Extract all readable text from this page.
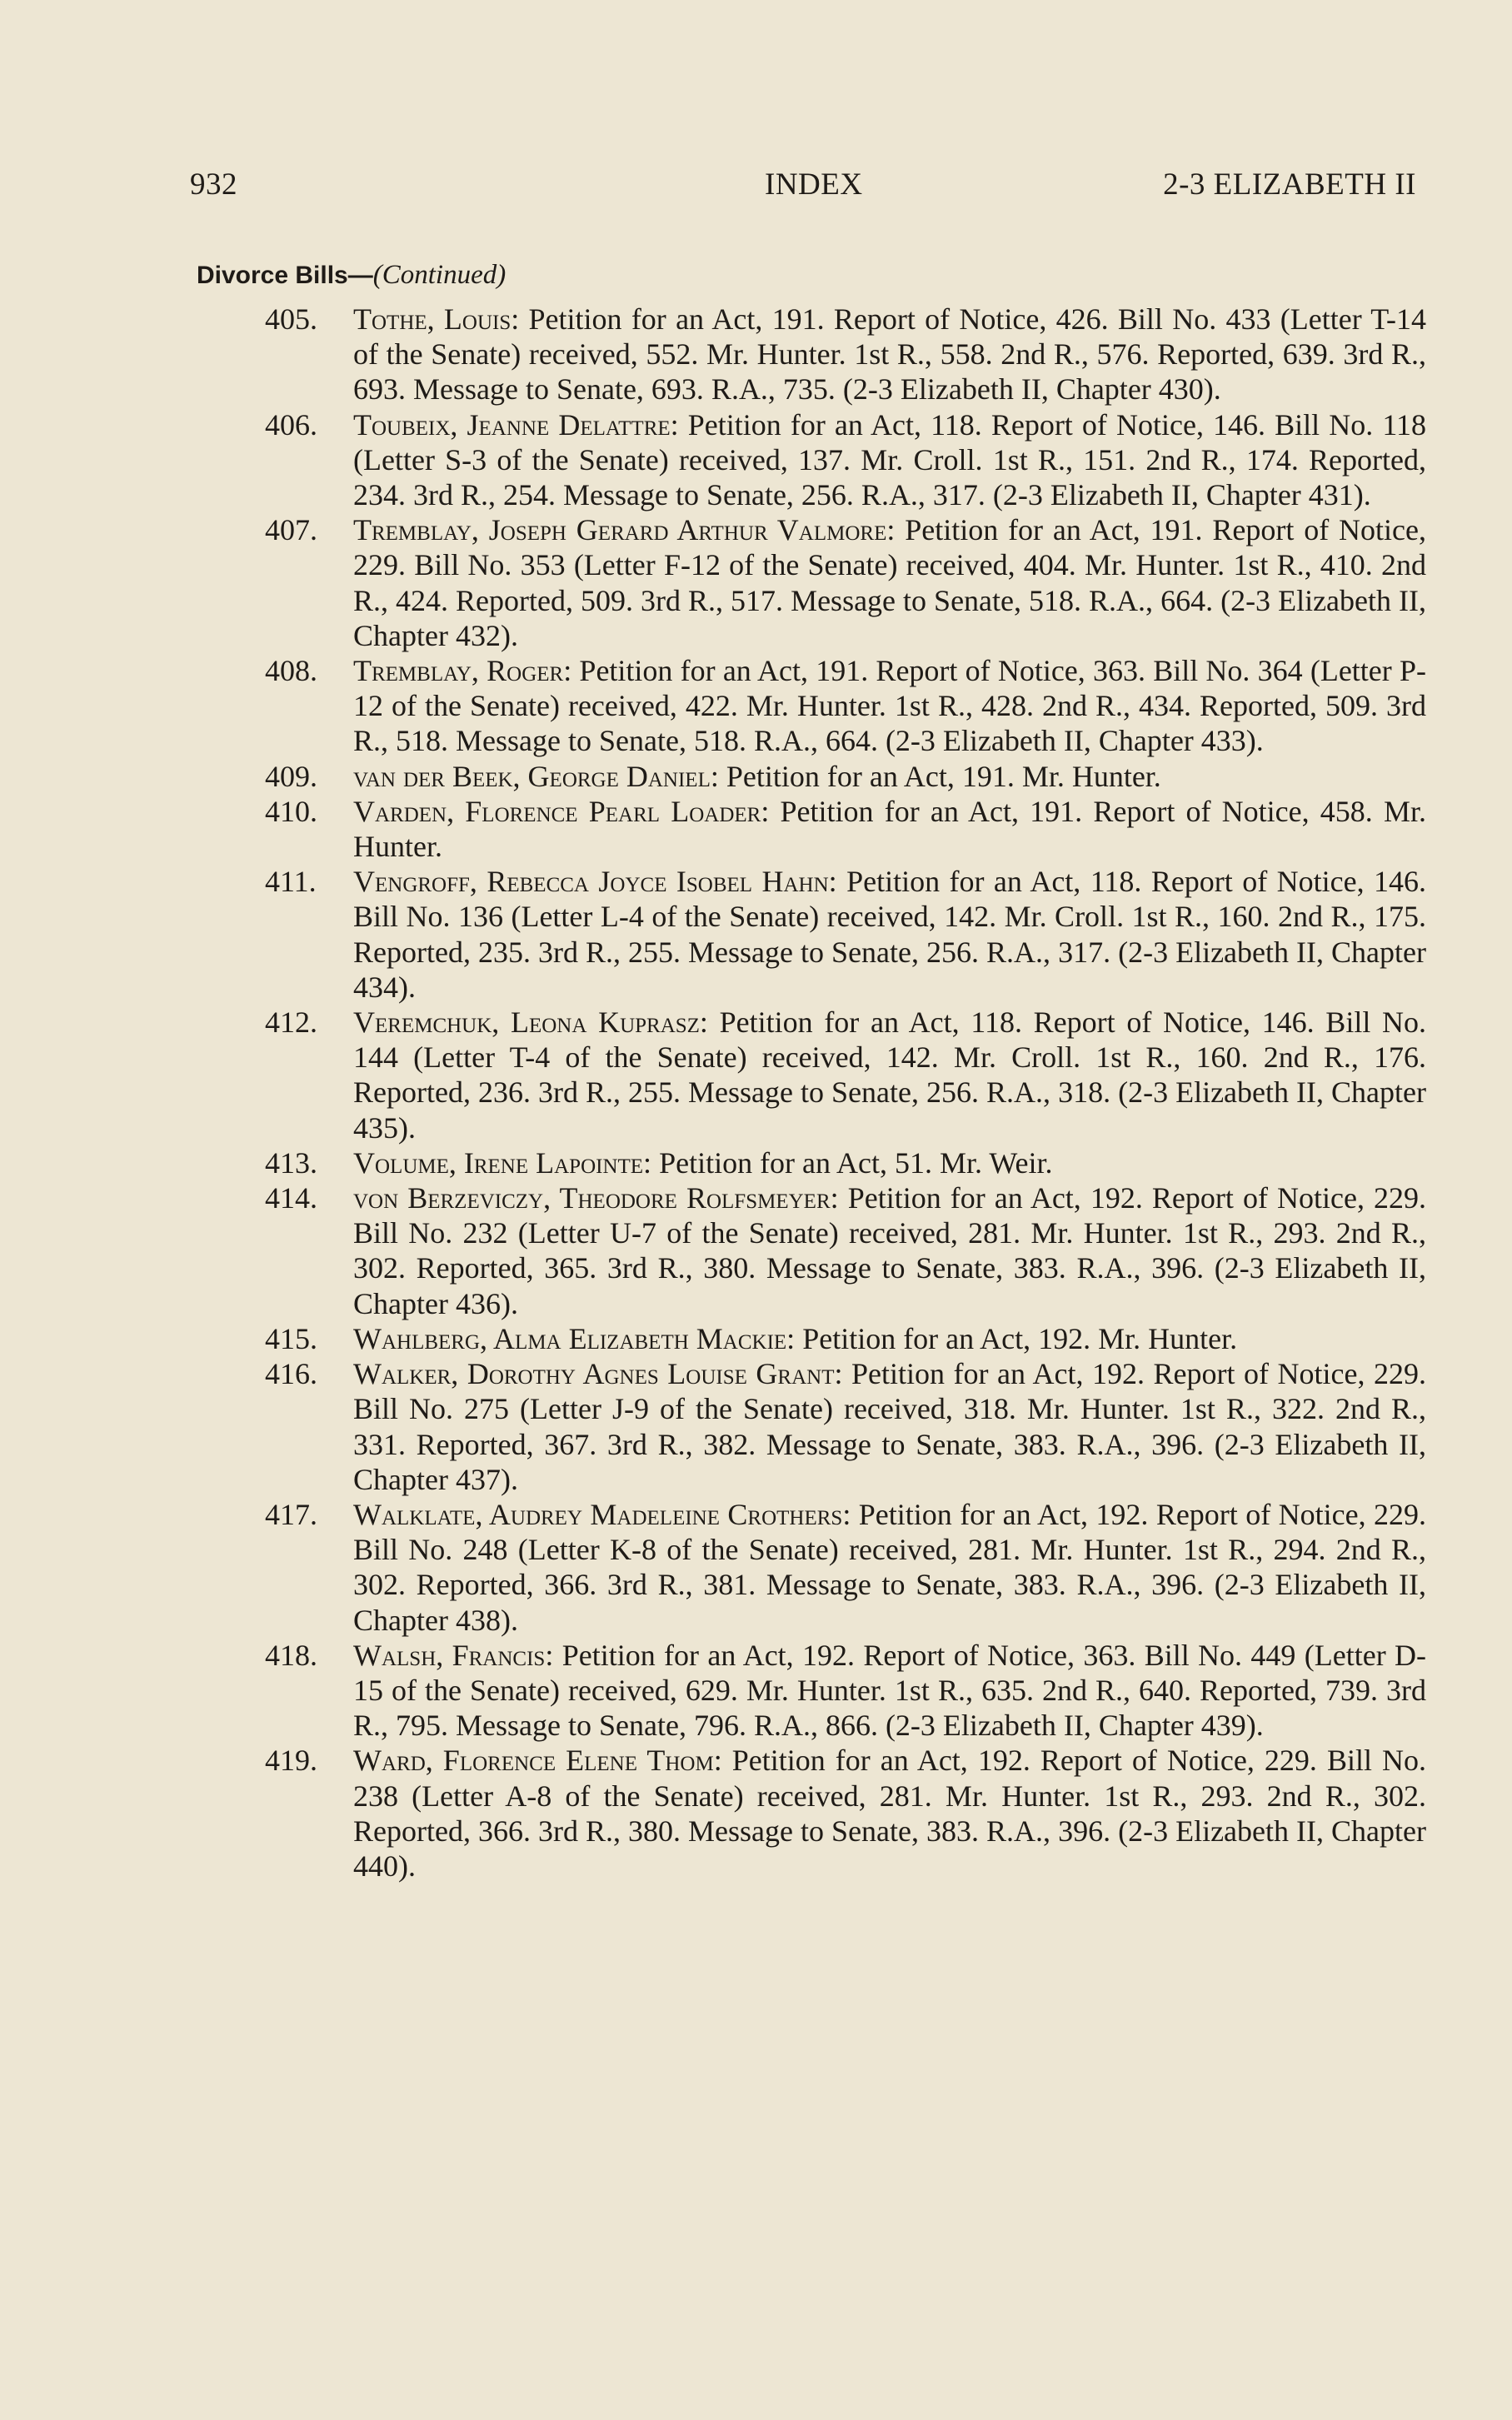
932	INDEX	2-3 ELIZABETH II
Divorce Bills—(Continued)
405. Tothe, Louis: Petition for an Act, 191. Report of Notice, 426. Bill No. 433 (Letter T-14 of the Senate) received, 552. Mr. Hunter. 1st R., 558. 2nd R., 576. Reported, 639. 3rd R., 693. Message to Senate, 693. R.A., 735. (2-3 Elizabeth II, Chapter 430).
406. Toubeix, Jeanne Delattre: Petition for an Act, 118. Report of Notice, 146. Bill No. 118 (Letter S-3 of the Senate) received, 137. Mr. Croll. 1st R., 151. 2nd R., 174. Reported, 234. 3rd R., 254. Message to Senate, 256. R.A., 317. (2-3 Elizabeth II, Chapter 431).
407. Tremblay, Joseph Gerard Arthur Valmore: Petition for an Act, 191. Report of Notice, 229. Bill No. 353 (Letter F-12 of the Senate) received, 404. Mr. Hunter. 1st R., 410. 2nd R., 424. Reported, 509. 3rd R., 517. Message to Senate, 518. R.A., 664. (2-3 Elizabeth II, Chapter 432).
408. Tremblay, Roger: Petition for an Act, 191. Report of Notice, 363. Bill No. 364 (Letter P-12 of the Senate) received, 422. Mr. Hunter. 1st R., 428. 2nd R., 434. Reported, 509. 3rd R., 518. Message to Senate, 518. R.A., 664. (2-3 Elizabeth II, Chapter 433).
409. van der Beek, George Daniel: Petition for an Act, 191. Mr. Hunter.
410. Varden, Florence Pearl Loader: Petition for an Act, 191. Report of Notice, 458. Mr. Hunter.
411. Vengroff, Rebecca Joyce Isobel Hahn: Petition for an Act, 118. Report of Notice, 146. Bill No. 136 (Letter L-4 of the Senate) received, 142. Mr. Croll. 1st R., 160. 2nd R., 175. Reported, 235. 3rd R., 255. Message to Senate, 256. R.A., 317. (2-3 Elizabeth II, Chapter 434).
412. Veremchuk, Leona Kuprasz: Petition for an Act, 118. Report of Notice, 146. Bill No. 144 (Letter T-4 of the Senate) received, 142. Mr. Croll. 1st R., 160. 2nd R., 176. Reported, 236. 3rd R., 255. Message to Senate, 256. R.A., 318. (2-3 Elizabeth II, Chapter 435).
413. Volume, Irene Lapointe: Petition for an Act, 51. Mr. Weir.
414. von Berzeviczy, Theodore Rolfsmeyer: Petition for an Act, 192. Report of Notice, 229. Bill No. 232 (Letter U-7 of the Senate) received, 281. Mr. Hunter. 1st R., 293. 2nd R., 302. Reported, 365. 3rd R., 380. Message to Senate, 383. R.A., 396. (2-3 Elizabeth II, Chapter 436).
415. Wahlberg, Alma Elizabeth Mackie: Petition for an Act, 192. Mr. Hunter.
416. Walker, Dorothy Agnes Louise Grant: Petition for an Act, 192. Report of Notice, 229. Bill No. 275 (Letter J-9 of the Senate) received, 318. Mr. Hunter. 1st R., 322. 2nd R., 331. Reported, 367. 3rd R., 382. Message to Senate, 383. R.A., 396. (2-3 Elizabeth II, Chapter 437).
417. Walklate, Audrey Madeleine Crothers: Petition for an Act, 192. Report of Notice, 229. Bill No. 248 (Letter K-8 of the Senate) received, 281. Mr. Hunter. 1st R., 294. 2nd R., 302. Reported, 366. 3rd R., 381. Message to Senate, 383. R.A., 396. (2-3 Elizabeth II, Chapter 438).
418. Walsh, Francis: Petition for an Act, 192. Report of Notice, 363. Bill No. 449 (Letter D-15 of the Senate) received, 629. Mr. Hunter. 1st R., 635. 2nd R., 640. Reported, 739. 3rd R., 795. Message to Senate, 796. R.A., 866. (2-3 Elizabeth II, Chapter 439).
419. Ward, Florence Elene Thom: Petition for an Act, 192. Report of Notice, 229. Bill No. 238 (Letter A-8 of the Senate) received, 281. Mr. Hunter. 1st R., 293. 2nd R., 302. Reported, 366. 3rd R., 380. Message to Senate, 383. R.A., 396. (2-3 Elizabeth II, Chapter 440).
